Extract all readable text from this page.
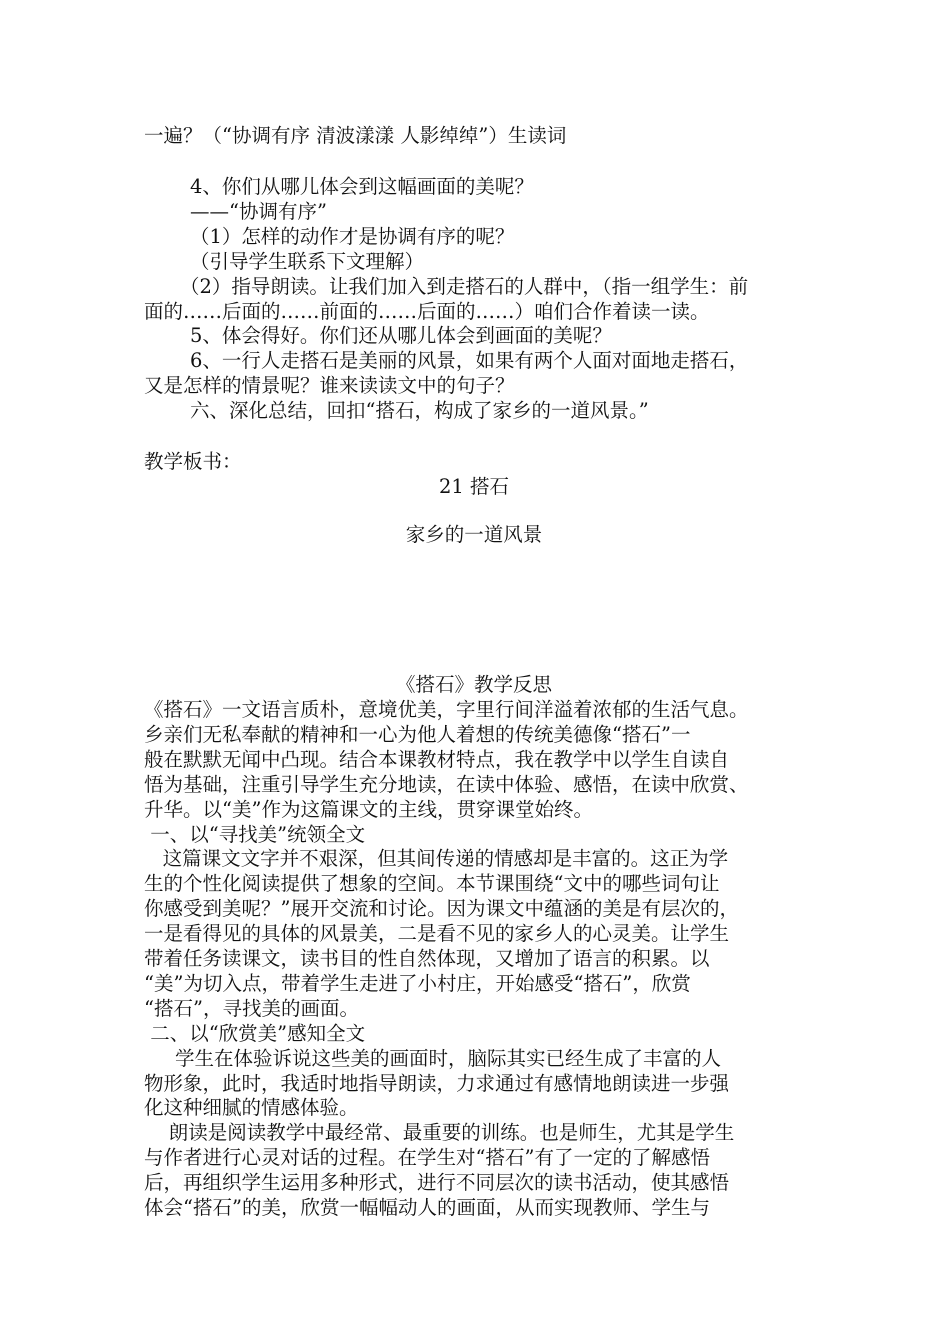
一遍？（“协调有序 清波漾漾 人影绰绰”）生读词
4、你们从哪儿体会到这幅画面的美呢？
——“协调有序”
（1）怎样的动作才是协调有序的呢？
（引导学生联系下文理解）
（2）指导朗读。让我们加入到走搭石的人群中，（指一组学生：前
面的……后面的……前面的……后面的……）咱们合作着读一读。
5、体会得好。你们还从哪儿体会到画面的美呢？
6、一行人走搭石是美丽的风景，如果有两个人面对面地走搭石，
又是怎样的情景呢？谁来读读文中的句子？
六、深化总结，回扣“搭石，构成了家乡的一道风景。”
教学板书：
21 搭石
家乡的一道风景
《搭石》教学反思
《搭石》一文语言质朴，意境优美，字里行间洋溢着浓郁的生活气息。
乡亲们无私奉献的精神和一心为他人着想的传统美德像“搭石”一
般在默默无闻中凸现。结合本课教材特点，我在教学中以学生自读自
悟为基础，注重引导学生充分地读，在读中体验、感悟，在读中欣赏、
升华。以“美”作为这篇课文的主线，贯穿课堂始终。
一、以“寻找美”统领全文
这篇课文文字并不艰深，但其间传递的情感却是丰富的。这正为学
生的个性化阅读提供了想象的空间。本节课围绕“文中的哪些词句让
你感受到美呢？”展开交流和讨论。因为课文中蕴涵的美是有层次的，
一是看得见的具体的风景美，二是看不见的家乡人的心灵美。让学生
带着任务读课文，读书目的性自然体现，又增加了语言的积累。以
“美”为切入点，带着学生走进了小村庄，开始感受“搭石”，欣赏
“搭石”，寻找美的画面。
二、以“欣赏美”感知全文
学生在体验诉说这些美的画面时，脑际其实已经生成了丰富的人
物形象，此时，我适时地指导朗读，力求通过有感情地朗读进一步强
化这种细腻的情感体验。
朗读是阅读教学中最经常、最重要的训练。也是师生，尤其是学生
与作者进行心灵对话的过程。在学生对“搭石”有了一定的了解感悟
后，再组织学生运用多种形式，进行不同层次的读书活动，使其感悟
体会“搭石”的美，欣赏一幅幅动人的画面，从而实现教师、学生与
